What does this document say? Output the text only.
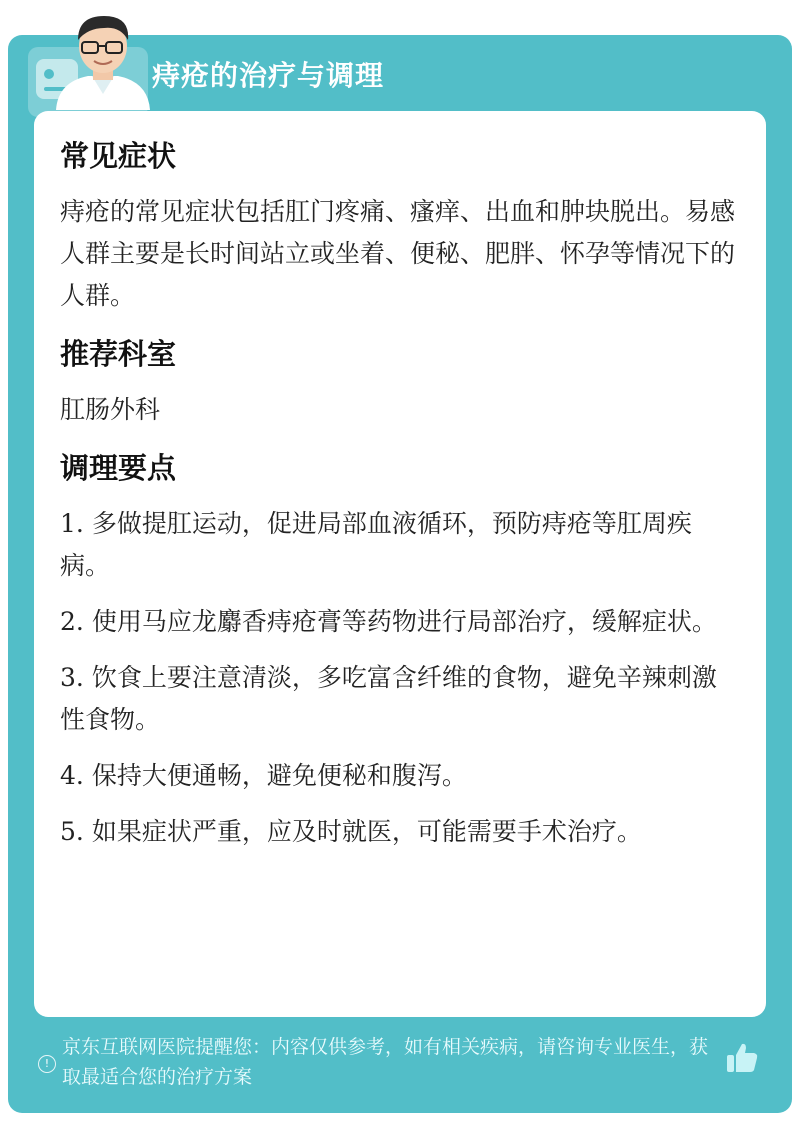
痔疮的治疗与调理
常见症状
痔疮的常见症状包括肛门疼痛、瘙痒、出血和肿块脱出。易感人群主要是长时间站立或坐着、便秘、肥胖、怀孕等情况下的人群。
推荐科室
肛肠外科
调理要点
1. 多做提肛运动，促进局部血液循环，预防痔疮等肛周疾病。
2. 使用马应龙麝香痔疮膏等药物进行局部治疗，缓解症状。
3. 饮食上要注意清淡，多吃富含纤维的食物，避免辛辣刺激性食物。
4. 保持大便通畅，避免便秘和腹泻。
5. 如果症状严重，应及时就医，可能需要手术治疗。
!
京东互联网医院提醒您：内容仅供参考，如有相关疾病，请咨询专业医生，获取最适合您的治疗方案
